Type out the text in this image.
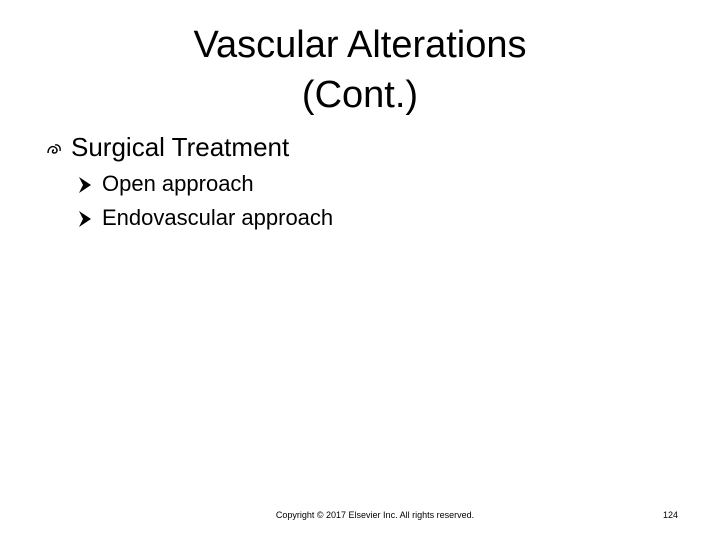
Vascular Alterations
(Cont.)
Surgical Treatment
Open approach
Endovascular approach
Copyright © 2017 Elsevier Inc. All rights reserved.	124
